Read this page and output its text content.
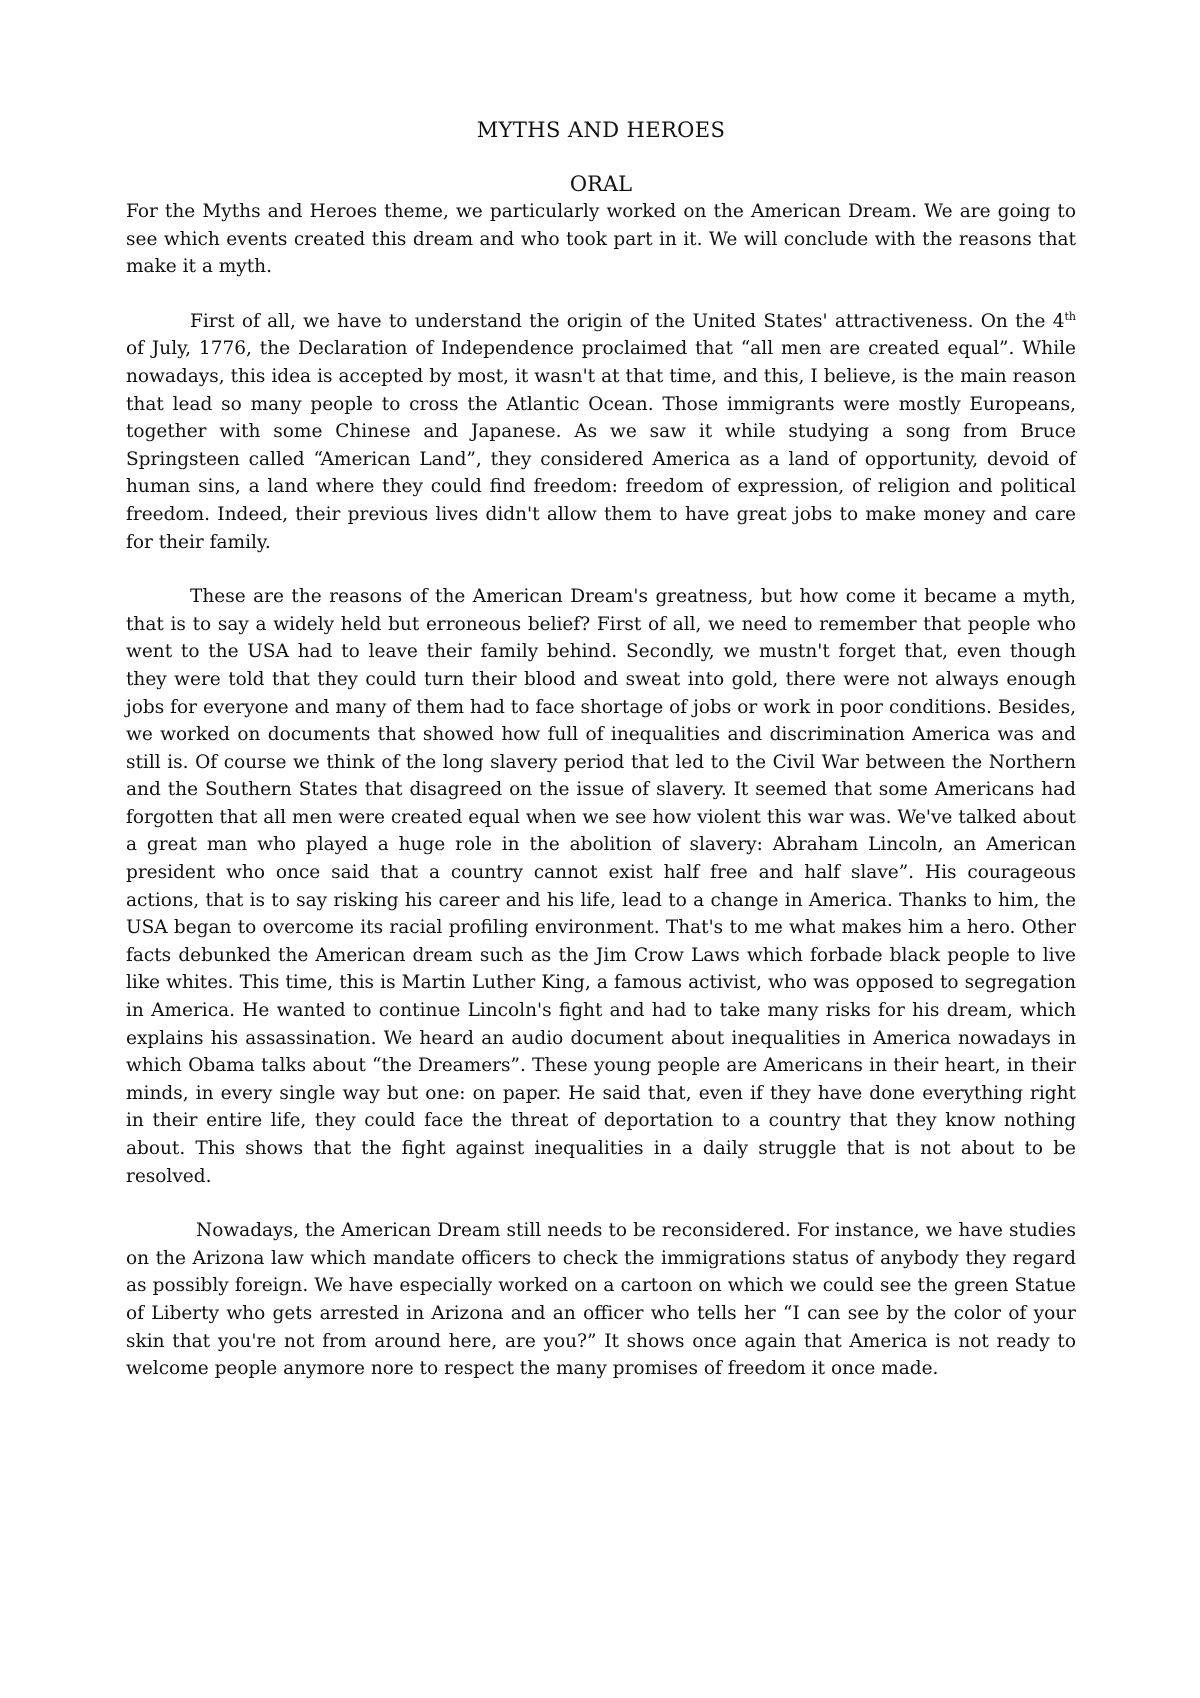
MYTHS AND HEROES
ORAL

For the Myths and Heroes theme, we particularly worked on the American Dream. We are going to see which events created this dream and who took part in it. We will conclude with the reasons that make it a myth.

First of all, we have to understand the origin of the United States' attractiveness. On the 4th of July, 1776, the Declaration of Independence proclaimed that “all men are created equal”. While nowadays, this idea is accepted by most, it wasn't at that time, and this, I believe, is the main reason that lead so many people to cross the Atlantic Ocean. Those immigrants were mostly Europeans, together with some Chinese and Japanese. As we saw it while studying a song from Bruce Springsteen called “American Land”, they considered America as a land of opportunity, devoid of human sins, a land where they could find freedom: freedom of expression, of religion and political freedom. Indeed, their previous lives didn't allow them to have great jobs to make money and care for their family.

These are the reasons of the American Dream's greatness, but how come it became a myth, that is to say a widely held but erroneous belief? First of all, we need to remember that people who went to the USA had to leave their family behind. Secondly, we mustn't forget that, even though they were told that they could turn their blood and sweat into gold, there were not always enough jobs for everyone and many of them had to face shortage of jobs or work in poor conditions. Besides, we worked on documents that showed how full of inequalities and discrimination America was and still is. Of course we think of the long slavery period that led to the Civil War between the Northern and the Southern States that disagreed on the issue of slavery. It seemed that some Americans had forgotten that all men were created equal when we see how violent this war was. We've talked about a great man who played a huge role in the abolition of slavery: Abraham Lincoln, an American president who once said that a country cannot exist half free and half slave”. His courageous actions, that is to say risking his career and his life, lead to a change in America. Thanks to him, the USA began to overcome its racial profiling environment. That's to me what makes him a hero. Other facts debunked the American dream such as the Jim Crow Laws which forbade black people to live like whites. This time, this is Martin Luther King, a famous activist, who was opposed to segregation in America. He wanted to continue Lincoln's fight and had to take many risks for his dream, which explains his assassination. We heard an audio document about inequalities in America nowadays in which Obama talks about “the Dreamers”. These young people are Americans in their heart, in their minds, in every single way but one: on paper. He said that, even if they have done everything right in their entire life, they could face the threat of deportation to a country that they know nothing about. This shows that the fight against inequalities in a daily struggle that is not about to be resolved.

Nowadays, the American Dream still needs to be reconsidered. For instance, we have studies on the Arizona law which mandate officers to check the immigrations status of anybody they regard as possibly foreign. We have especially worked on a cartoon on which we could see the green Statue of Liberty who gets arrested in Arizona and an officer who tells her “I can see by the color of your skin that you're not from around here, are you?” It shows once again that America is not ready to welcome people anymore nore to respect the many promises of freedom it once made.
